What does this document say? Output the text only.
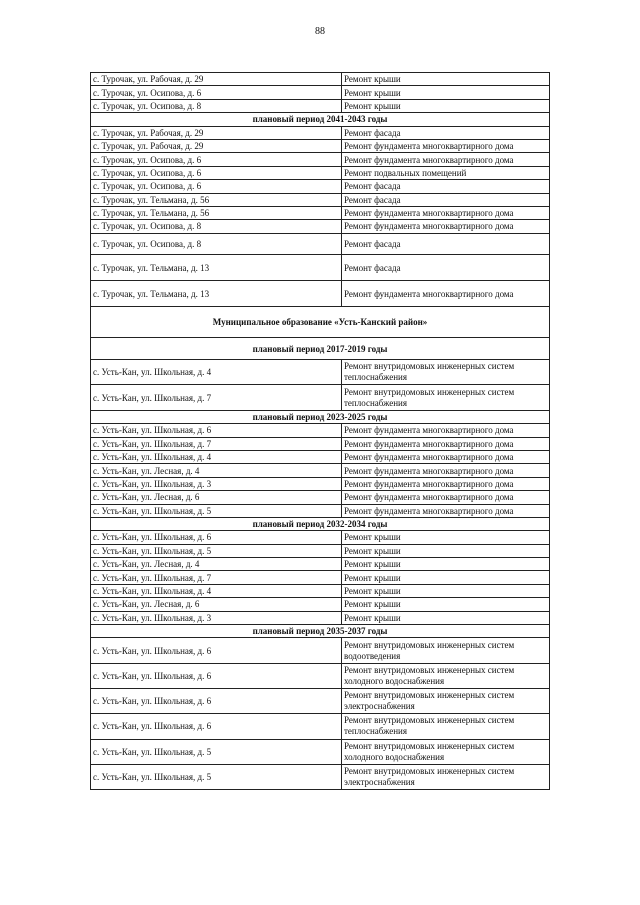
88
с. Турочак, ул. Рабочая, д. 29	Ремонт крыши
с. Турочак, ул. Осипова, д. 6	Ремонт крыши
с. Турочак, ул. Осипова, д. 8	Ремонт крыши
плановый период 2041-2043 годы	
с. Турочак, ул. Рабочая, д. 29	Ремонт фасада
с. Турочак, ул. Рабочая, д. 29	Ремонт фундамента многоквартирного дома
с. Турочак, ул. Осипова, д. 6	Ремонт фундамента многоквартирного дома
с. Турочак, ул. Осипова, д. 6	Ремонт подвальных помещений
с. Турочак, ул. Осипова, д. 6	Ремонт фасада
с. Турочак, ул. Тельмана, д. 56	Ремонт фасада
с. Турочак, ул. Тельмана, д. 56	Ремонт фундамента многоквартирного дома
с. Турочак, ул. Осипова, д. 8	Ремонт фундамента многоквартирного дома
с. Турочак, ул. Осипова, д. 8	Ремонт фасада
с. Турочак, ул. Тельмана, д. 13	Ремонт фасада
с. Турочак, ул. Тельмана, д. 13	Ремонт фундамента многоквартирного дома
Муниципальное образование «Усть-Канский район»	
плановый период 2017-2019 годы	
с. Усть-Кан, ул. Школьная, д. 4	Ремонт внутридомовых инженерных систем теплоснабжения
с. Усть-Кан, ул. Школьная, д. 7	Ремонт внутридомовых инженерных систем теплоснабжения
плановый период 2023-2025 годы	
с. Усть-Кан, ул. Школьная, д. 6	Ремонт фундамента многоквартирного дома
с. Усть-Кан, ул. Школьная, д. 7	Ремонт фундамента многоквартирного дома
с. Усть-Кан, ул. Школьная, д. 4	Ремонт фундамента многоквартирного дома
с. Усть-Кан, ул. Лесная, д. 4	Ремонт фундамента многоквартирного дома
с. Усть-Кан, ул. Школьная, д. 3	Ремонт фундамента многоквартирного дома
с. Усть-Кан, ул. Лесная, д. 6	Ремонт фундамента многоквартирного дома
с. Усть-Кан, ул. Школьная, д. 5	Ремонт фундамента многоквартирного дома
плановый период 2032-2034 годы	
с. Усть-Кан, ул. Школьная, д. 6	Ремонт крыши
с. Усть-Кан, ул. Школьная, д. 5	Ремонт крыши
с. Усть-Кан, ул. Лесная, д. 4	Ремонт крыши
с. Усть-Кан, ул. Школьная, д. 7	Ремонт крыши
с. Усть-Кан, ул. Школьная, д. 4	Ремонт крыши
с. Усть-Кан, ул. Лесная, д. 6	Ремонт крыши
с. Усть-Кан, ул. Школьная, д. 3	Ремонт крыши
плановый период 2035-2037 годы	
с. Усть-Кан, ул. Школьная, д. 6	Ремонт внутридомовых инженерных систем водоотведения
с. Усть-Кан, ул. Школьная, д. 6	Ремонт внутридомовых инженерных систем холодного водоснабжения
с. Усть-Кан, ул. Школьная, д. 6	Ремонт внутридомовых инженерных систем электроснабжения
с. Усть-Кан, ул. Школьная, д. 6	Ремонт внутридомовых инженерных систем теплоснабжения
с. Усть-Кан, ул. Школьная, д. 5	Ремонт внутридомовых инженерных систем холодного водоснабжения
с. Усть-Кан, ул. Школьная, д. 5	Ремонт внутридомовых инженерных систем электроснабжения
